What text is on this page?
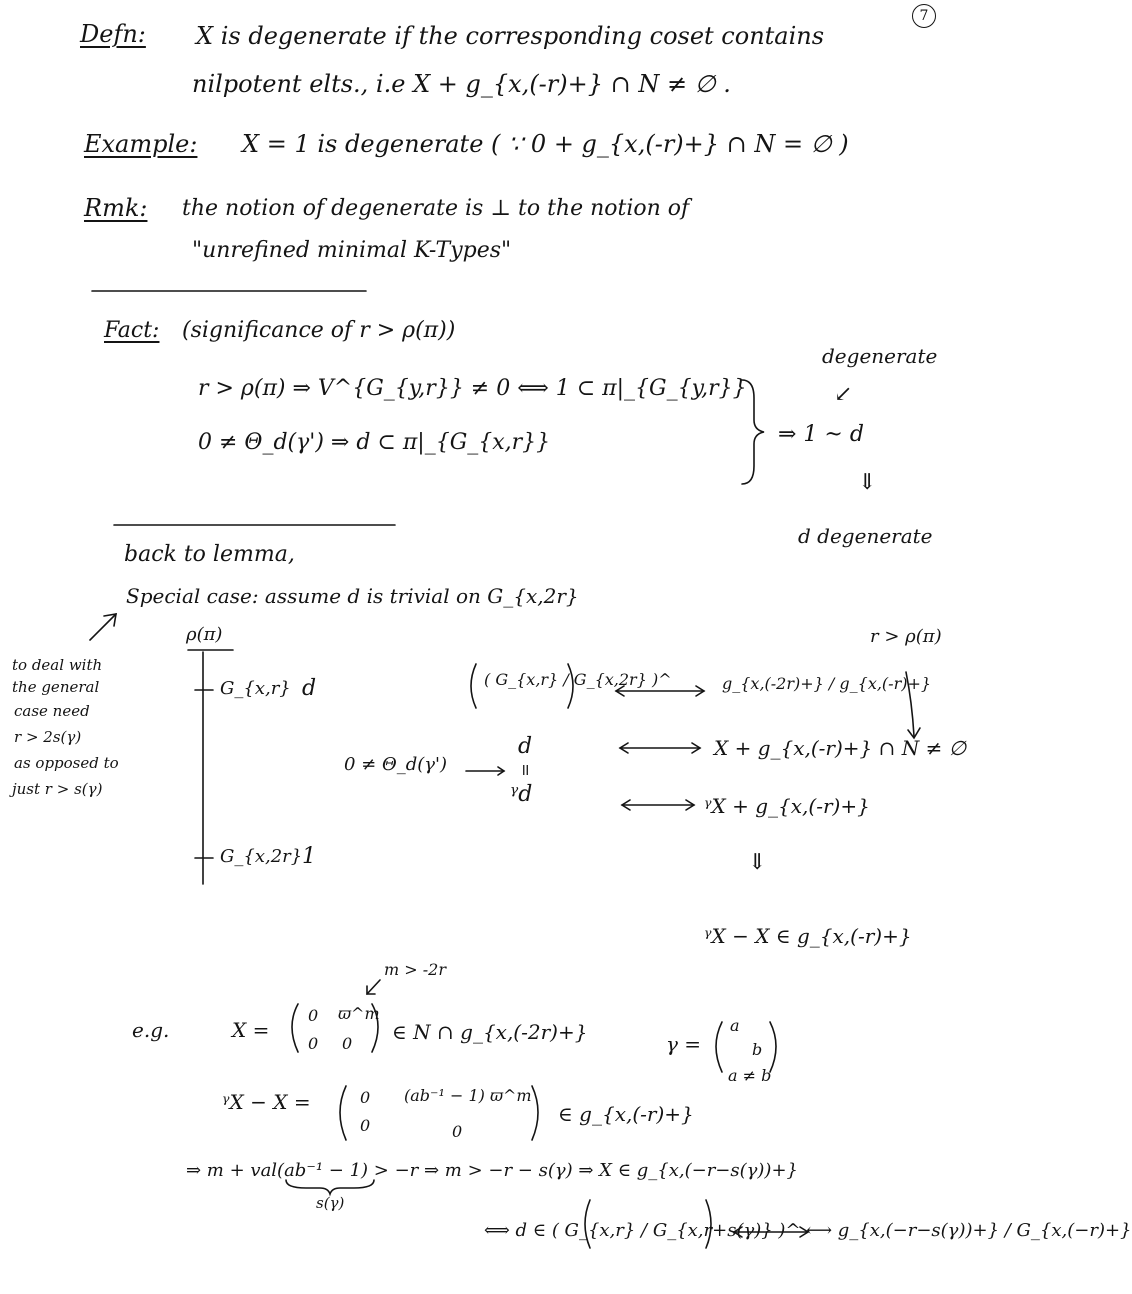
7
Defn: X is degenerate if the corresponding coset contains
nilpotent elts., i.e X + g_{x,(-r)+} ∩ N ≠ ∅ .
Example: X = 1 is degenerate ( ∵ 0 + g_{x,(-r)+} ∩ N = ∅ )
Rmk: the notion of degenerate is ⊥ to the notion of
"unrefined minimal K-Types"
Fact: (significance of r > ρ(π))
degenerate
↙
r > ρ(π) ⇒ V^{G_{y,r}} ≠ 0 ⟺ 1 ⊂ π|_{G_{y,r}}
0 ≠ Θ_d(γ') ⇒ d ⊂ π|_{G_{x,r}}	⇒ 1 ~ d
⇓
d degenerate
back to lemma,
Special case: assume d is trivial on G_{x,2r}
to deal with
the general
case need
r > 2s(γ)
as opposed to
just r > s(γ)
ρ(π)
G_{x,r} d
G_{x,2r} 1
( G_{x,r} / G_{x,2r} )^
0 ≠ Θ_d(γ')
d
॥
ᵞd
g_{x,(-2r)+} / g_{x,(-r)+}
X + g_{x,(-r)+} ∩ N ≠ ∅
ᵞX + g_{x,(-r)+}
r > ρ(π)
⇓
ᵞX − X ∈ g_{x,(-r)+}
m > -2r
e.g.	X =
0 ϖ^m
0 0 ∈ N ∩ g_{x,(-2r)+}	γ =
a
b
a ≠ b
ᵞX − X =	0 (ab⁻¹ − 1) ϖ^m
0	0
∈ g_{x,(-r)+}
⇒ m + val(ab⁻¹ − 1) > −r ⇒ m > −r − s(γ) ⇒ X ∈ g_{x,(−r−s(γ))+}
s(γ)
⟺ d ∈ ( G_{x,r} / G_{x,r+s(γ)} )^ ⟷ g_{x,(−r−s(γ))+} / G_{x,(−r)+}
